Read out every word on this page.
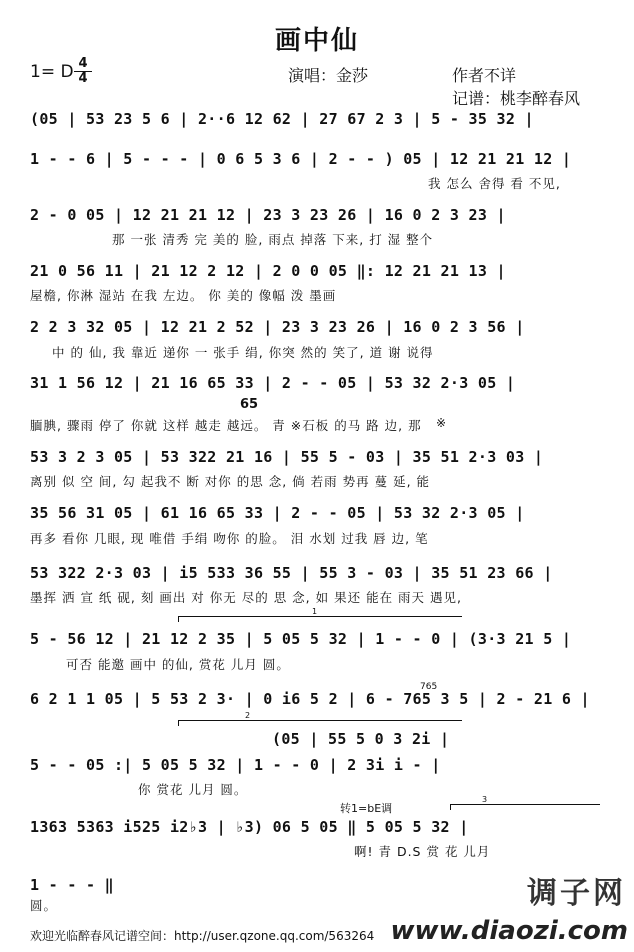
画中仙
1= D 4
4	演唱：金莎	作者不详
记谱：桃李醉春风
(05 | 53 23 5 6 | 2··6 12 62 | 27 67 2 3 | 5 - 35 32 |
1 - - 6 | 5 - - - | 0 6 5 3 6 | 2 - - ) 05 | 12 21 21 12 |
我 怎么 舍得 看 不见,
2 - 0 05 | 12 21 21 12 | 23 3 23 26 | 16 0 2 3 23 |
那 一张 清秀 完 美的 脸, 雨点 掉落 下来, 打 湿 整个
21 0 56 11 | 21 12 2 12 | 2 0 0 05 ‖: 12 21 21 13 |
屋檐, 你淋 湿站 在我 左边。 你 美的 像幅 泼 墨画
2 2 3 32 05 | 12 21 2 52 | 23 3 23 26 | 16 0 2 3 56 |
中 的 仙, 我 靠近 递你 一 张手 绢, 你突 然的 笑了, 道 谢 说得
31 1 56 12 | 21 16 65 33 | 2 - - 05 | 53 32 2·3 05 |
65
腼腆, 骤雨 停了 你就 这样 越走 越远。 青 ※石板 的马 路 边, 那
53 3 2 3 05 | 53 322 21 16 | 55 5 - 03 | 35 51 2·3 03 |
离别 似 空 间, 勾 起我不 断 对你 的思 念, 倘 若雨 势再 蔓 延, 能
35 56 31 05 | 61 16 65 33 | 2 - - 05 | 53 32 2·3 05 |
再多 看你 几眼, 现 唯借 手绢 吻你 的脸。 泪 水划 过我 唇 边, 笔
53 322 2·3 03 | i5 533 36 55 | 55 3 - 03 | 35 51 23 66 |
墨挥 洒 宣 纸 砚, 刻 画出 对 你无 尽的 思 念, 如 果还 能在 雨天 遇见,
1
5 - 56 12 | 21 12 2 35 | 5 05 5 32 | 1 - - 0 | (3·3 21 5 |
可否 能邀 画中 的仙, 赏花 儿月 圆。
765
6 2 1 1 05 | 5 53 2 3· | 0 i6 5 2 | 6 - 765 3 5 | 2 - 21 6 |
2
(05 | 55 5 0 3 2i |
5 - - 05 :| 5 05 5 32 | 1 - - 0 | 2 3i i - |
你 赏花 儿月 圆。
转1=bE调
3
1363 5363 i525 i2♭3 | ♭3) 06 5 05 ‖ 5 05 5 32 |
啊! 青 D.S 赏 花 儿月
1 - - - ‖
圆。
※
欢迎光临醉春风记谱空间：http://user.qzone.qq.com/563264
调子网
www.diaozi.com
